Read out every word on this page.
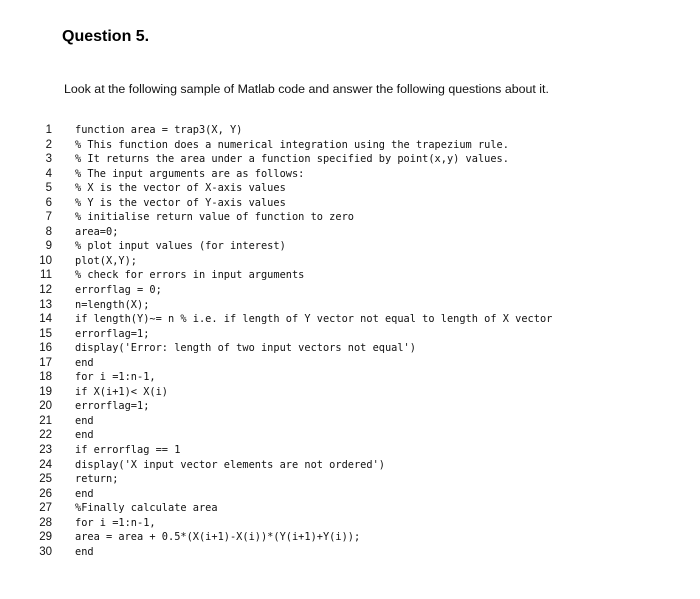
Question 5.

Look at the following sample of Matlab code and answer the following questions about it.

1 function area = trap3(X, Y)
2 % This function does a numerical integration using the trapezium rule.
3 % It returns the area under a function specified by point(x,y) values.
4 % The input arguments are as follows:
5 % X is the vector of X-axis values
6 % Y is the vector of Y-axis values
7 % initialise return value of function to zero
8 area=0;
9 % plot input values (for interest)
10 plot(X,Y);
11 % check for errors in input arguments
12 errorflag = 0;
13 n=length(X);
14 if length(Y)~= n % i.e. if length of Y vector not equal to length of X vector
15 errorflag=1;
16 display('Error: length of two input vectors not equal')
17 end
18 for i =1:n-1,
19 if X(i+1)< X(i)
20 errorflag=1;
21 end
22 end
23 if errorflag == 1
24 display('X input vector elements are not ordered')
25 return;
26 end
27 %Finally calculate area
28 for i =1:n-1,
29 area = area + 0.5*(X(i+1)-X(i))*(Y(i+1)+Y(i));
30 end
